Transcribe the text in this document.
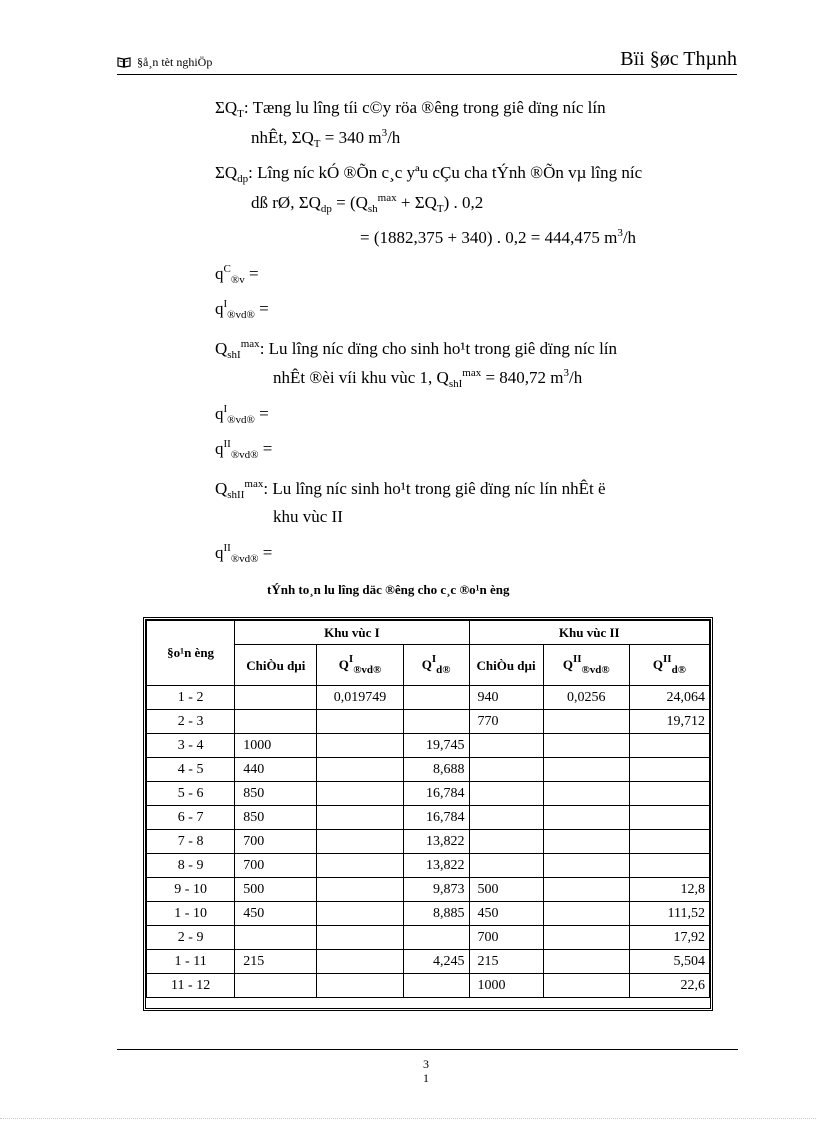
§å¸n tèt nghiÖp	Bïi §øc Thµnh
$\Sigma Q_T$: Tæng lu lîng tíi c©y röa ®êng trong giê dïng níc lín
nhÊt, $\Sigma Q_T = 340$ $m^3/h$
$\Sigma Q_{dp}$: Lîng níc kÓ ®Õn c¸c yªu cÇu cha tÝnh ®Õn vµ lîng níc
dß rØ, $\Sigma Q_{dp} = (Q_{sh}^{max} + \Sigma Q_T)$ . 0,2
= (1882,375 + 340) . 0,2 = 444,475 $m^3/h$
$q^C_{®v}$ =
$q^I_{®vd®}$ =
$Q_{shI}^{max}$: Lu lîng níc dïng cho sinh ho¹t trong giê dïng níc lín
nhÊt ®èi víi khu vùc 1, $Q_{shI}^{max} = 840,72$ $m^3/h$
$q^I_{®vd®}$ =
$q^{II}_{®vd®}$ =
$Q_{shII}^{max}$: Lu lîng níc sinh ho¹t trong giê dïng níc lín nhÊt ë
khu vùc II
$q^{II}_{®vd®}$ =
tÝnh to¸n lu lîng däc ®êng cho c¸c ®o¹n èng
§o¹n èng	Khu vùc I			Khu vùc II		
	ChiÒu dµi	$Q^I_{®vd®}$	$Q^I_{d®}$	ChiÒu dµi	$Q^{II}_{®vd®}$	$Q^{II}_{d®}$
1 - 2		0,019749		940	0,0256	24,064
2 - 3				770		19,712
3 - 4	1000		19,745			
4 - 5	440		8,688			
5 - 6	850		16,784			
6 - 7	850		16,784			
7 - 8	700		13,822			
8 - 9	700		13,822			
9 - 10	500		9,873	500		12,8
1 - 10	450		8,885	450		111,52
2 - 9				700		17,92
1 - 11	215		4,245	215		5,504
11 - 12				1000		22,6
3
1
